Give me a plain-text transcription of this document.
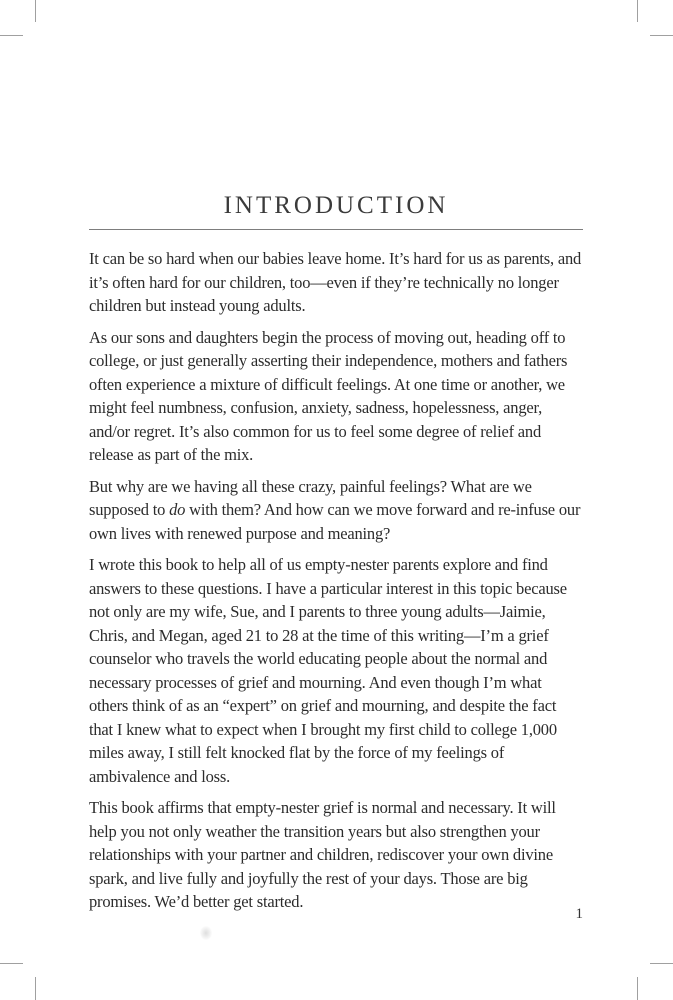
INTRODUCTION

It can be so hard when our babies leave home. It’s hard for us as parents, and it’s often hard for our children, too—even if they’re technically no longer children but instead young adults.

As our sons and daughters begin the process of moving out, heading off to college, or just generally asserting their independence, mothers and fathers often experience a mixture of difficult feelings. At one time or another, we might feel numbness, confusion, anxiety, sadness, hopelessness, anger, and/or regret. It’s also common for us to feel some degree of relief and release as part of the mix.

But why are we having all these crazy, painful feelings? What are we supposed to do with them? And how can we move forward and re-infuse our own lives with renewed purpose and meaning?

I wrote this book to help all of us empty-nester parents explore and find answers to these questions. I have a particular interest in this topic because not only are my wife, Sue, and I parents to three young adults—Jaimie, Chris, and Megan, aged 21 to 28 at the time of this writing—I’m a grief counselor who travels the world educating people about the normal and necessary processes of grief and mourning. And even though I’m what others think of as an “expert” on grief and mourning, and despite the fact that I knew what to expect when I brought my first child to college 1,000 miles away, I still felt knocked flat by the force of my feelings of ambivalence and loss.

This book affirms that empty-nester grief is normal and necessary. It will help you not only weather the transition years but also strengthen your relationships with your partner and children, rediscover your own divine spark, and live fully and joyfully the rest of your days. Those are big promises. We’d better get started.

1
